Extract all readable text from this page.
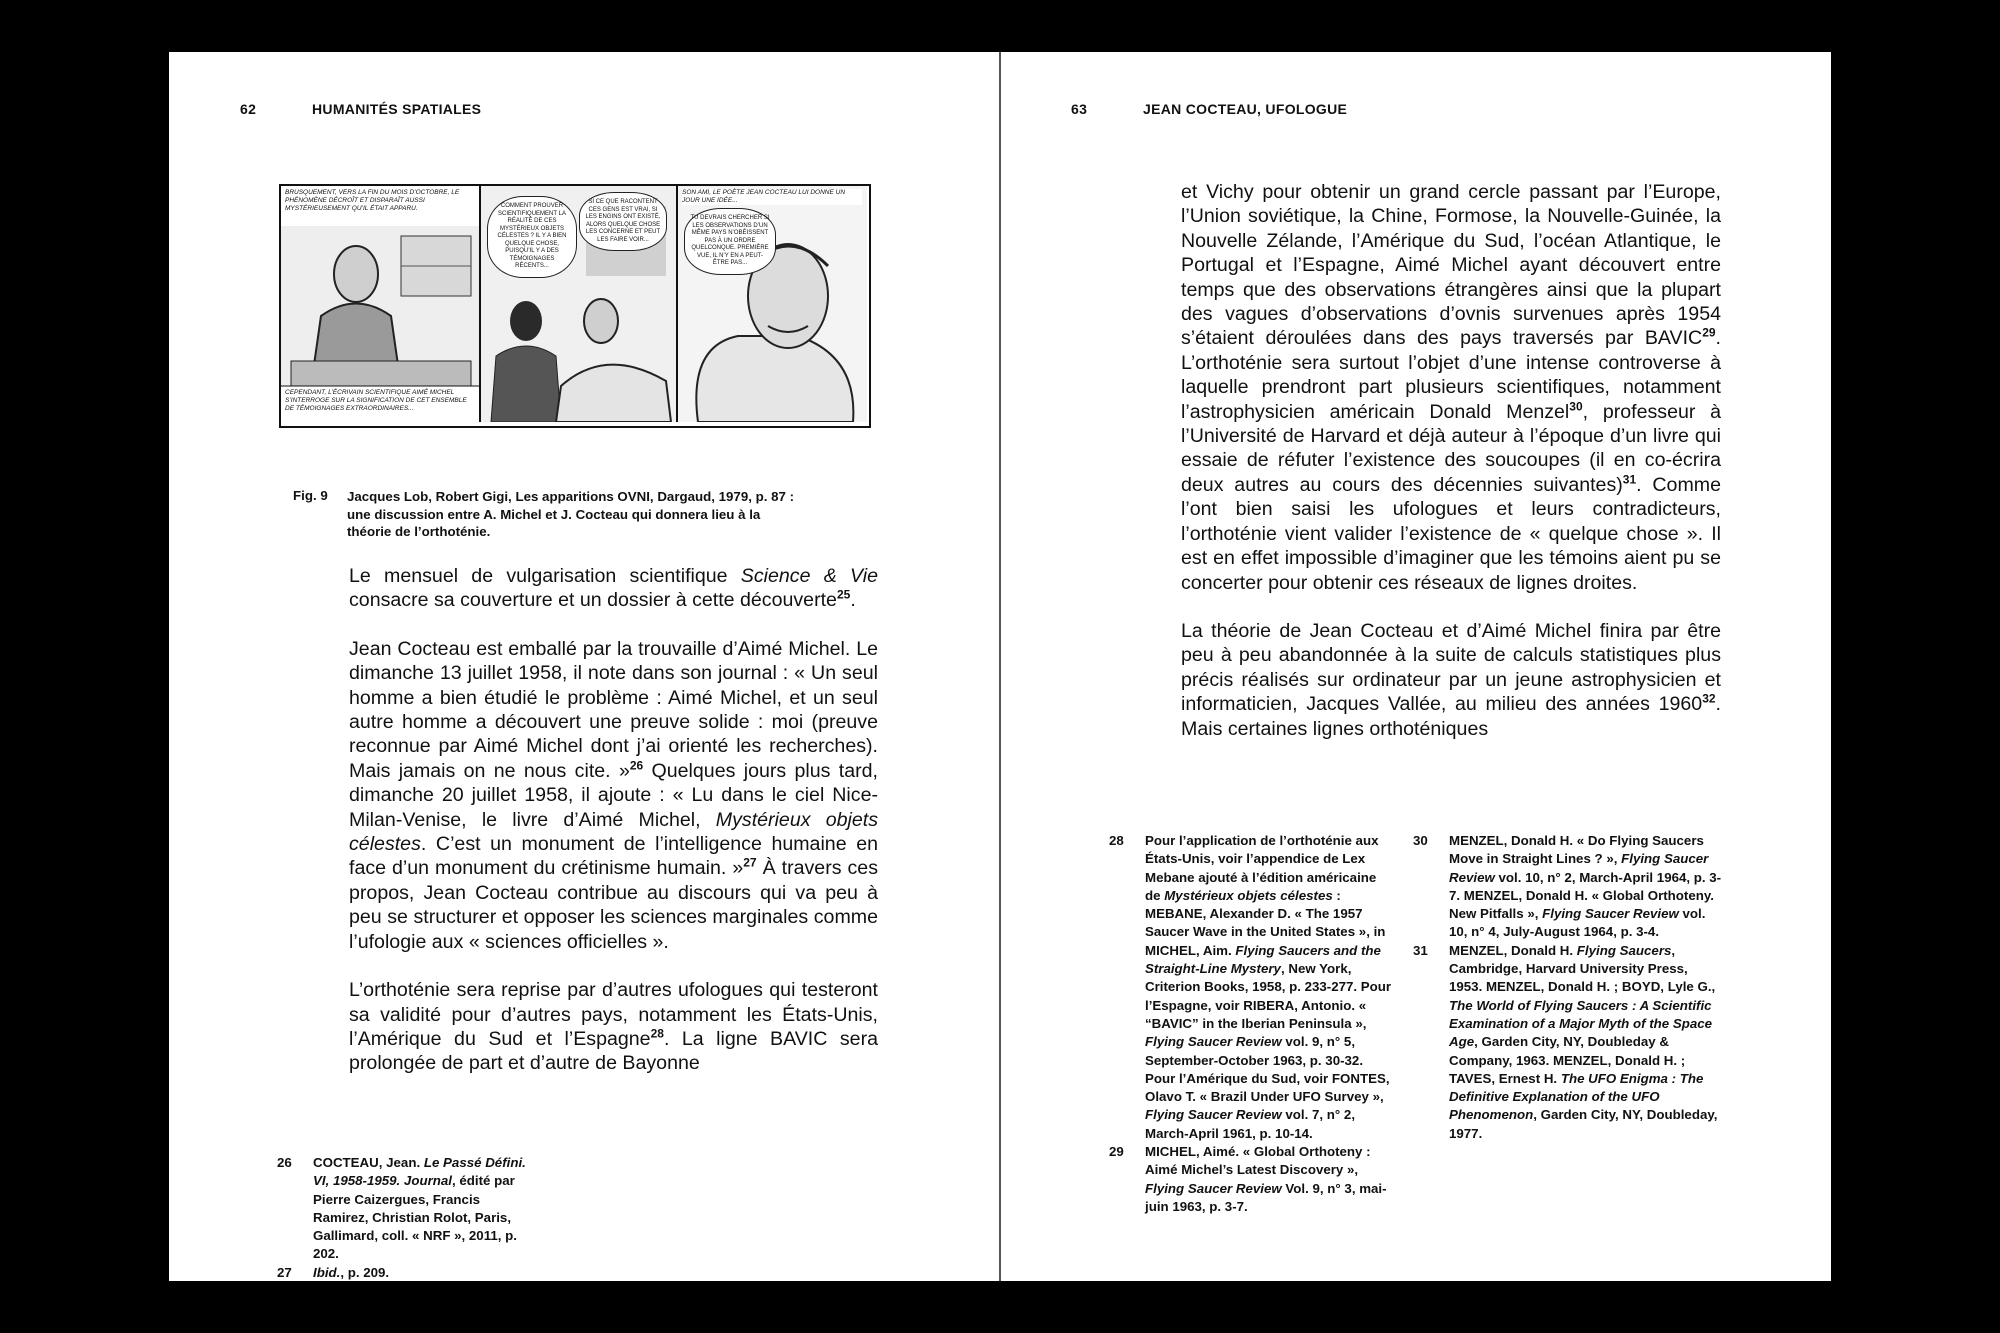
62	HUMANITÉS SPATIALES
BRUSQUEMENT, VERS LA FIN DU MOIS D’OCTOBRE, LE PHÉNOMÈNE DÉCROÎT ET DISPARAÎT AUSSI MYSTÉRIEUSEMENT QU’IL ÉTAIT APPARU.
CEPENDANT, L’ÉCRIVAIN SCIENTIFIQUE AIMÉ MICHEL S’INTERROGE SUR LA SIGNIFICATION DE CET ENSEMBLE DE TÉMOIGNAGES EXTRAORDINAIRES...
COMMENT PROUVER SCIENTIFIQUEMENT LA RÉALITÉ DE CES MYSTÉRIEUX OBJETS CÉLESTES ? IL Y A BIEN QUELQUE CHOSE, PUISQU’IL Y A DES TÉMOIGNAGES RÉCENTS...
SI CE QUE RACONTENT CES GENS EST VRAI, SI LES ENGINS ONT EXISTÉ, ALORS QUELQUE CHOSE LES CONCERNE ET PEUT LES FAIRE VOIR...
SON AMI, LE POÈTE JEAN COCTEAU LUI DONNE UN JOUR UNE IDÉE...
TU DEVRAIS CHERCHER SI LES OBSERVATIONS D’UN MÊME PAYS N’OBÉISSENT PAS À UN ORDRE QUELCONQUE. PREMIÈRE VUE, IL N’Y EN A PEUT-ÊTRE PAS...
Fig. 9 Jacques Lob, Robert Gigi, Les apparitions OVNI, Dargaud, 1979, p. 87 : une discussion entre A. Michel et J. Cocteau qui donnera lieu à la théorie de l’orthoténie.

Le mensuel de vulgarisation scientifique Science & Vie consacre sa couverture et un dossier à cette découverte$^{25}$.

Jean Cocteau est emballé par la trouvaille d’Aimé Michel. Le dimanche 13 juillet 1958, il note dans son journal : « Un seul homme a bien étudié le problème : Aimé Michel, et un seul autre homme a découvert une preuve solide : moi (preuve reconnue par Aimé Michel dont j’ai orienté les recherches). Mais jamais on ne nous cite. »$^{26}$ Quelques jours plus tard, dimanche 20 juillet 1958, il ajoute : « Lu dans le ciel Nice-Milan-Venise, le livre d’Aimé Michel, Mystérieux objets célestes. C’est un monument de l’intelligence humaine en face d’un monument du crétinisme humain. »$^{27}$ À travers ces propos, Jean Cocteau contribue au discours qui va peu à peu se structurer et opposer les sciences marginales comme l’ufologie aux « sciences officielles ».

L’orthoténie sera reprise par d’autres ufologues qui testeront sa validité pour d’autres pays, notamment les États-Unis, l’Amérique du Sud et l’Espagne$^{28}$. La ligne BAVIC sera prolongée de part et d’autre de Bayonne

26	COCTEAU, Jean. Le Passé Défini. VI, 1958-1959. Journal, édité par Pierre Caizergues, Francis Ramirez, Christian Rolot, Paris, Gallimard, coll. « NRF », 2011, p. 202.
27	Ibid., p. 209.
63	JEAN COCTEAU, UFOLOGUE

et Vichy pour obtenir un grand cercle passant par l’Europe, l’Union soviétique, la Chine, Formose, la Nouvelle-Guinée, la Nouvelle Zélande, l’Amérique du Sud, l’océan Atlantique, le Portugal et l’Espagne, Aimé Michel ayant découvert entre temps que des observations étrangères ainsi que la plupart des vagues d’observations d’ovnis survenues après 1954 s’étaient déroulées dans des pays traversés par BAVIC$^{29}$. L’orthoténie sera surtout l’objet d’une intense controverse à laquelle prendront part plusieurs scientifiques, notamment l’astrophysicien américain Donald Menzel$^{30}$, professeur à l’Université de Harvard et déjà auteur à l’époque d’un livre qui essaie de réfuter l’existence des soucoupes (il en co-écrira deux autres au cours des décennies suivantes)$^{31}$. Comme l’ont bien saisi les ufologues et leurs contradicteurs, l’orthoténie vient valider l’existence de « quelque chose ». Il est en effet impossible d’imaginer que les témoins aient pu se concerter pour obtenir ces réseaux de lignes droites.

La théorie de Jean Cocteau et d’Aimé Michel finira par être peu à peu abandonnée à la suite de calculs statistiques plus précis réalisés sur ordinateur par un jeune astrophysicien et informaticien, Jacques Vallée, au milieu des années 1960$^{32}$. Mais certaines lignes orthoténiques

28	Pour l’application de l’orthoténie aux États-Unis, voir l’appendice de Lex Mebane ajouté à l’édition américaine de Mystérieux objets célestes : MEBANE, Alexander D. « The 1957 Saucer Wave in the United States », in MICHEL, Aim. Flying Saucers and the Straight-Line Mystery, New York, Criterion Books, 1958, p. 233-277. Pour l’Espagne, voir RIBERA, Antonio. « “BAVIC” in the Iberian Peninsula », Flying Saucer Review vol. 9, n° 5, September-October 1963, p. 30-32. Pour l’Amérique du Sud, voir FONTES, Olavo T. « Brazil Under UFO Survey », Flying Saucer Review vol. 7, n° 2, March-April 1961, p. 10-14.
29	MICHEL, Aimé. « Global Orthoteny : Aimé Michel’s Latest Discovery », Flying Saucer Review Vol. 9, n° 3, mai-juin 1963, p. 3-7.
30	MENZEL, Donald H. « Do Flying Saucers Move in Straight Lines ? », Flying Saucer Review vol. 10, n° 2, March-April 1964, p. 3-7. MENZEL, Donald H. « Global Orthoteny. New Pitfalls », Flying Saucer Review vol. 10, n° 4, July-August 1964, p. 3-4.
31	MENZEL, Donald H. Flying Saucers, Cambridge, Harvard University Press, 1953. MENZEL, Donald H. ; BOYD, Lyle G., The World of Flying Saucers : A Scientific Examination of a Major Myth of the Space Age, Garden City, NY, Doubleday & Company, 1963. MENZEL, Donald H. ; TAVES, Ernest H. The UFO Enigma : The Definitive Explanation of the UFO Phenomenon, Garden City, NY, Doubleday, 1977.
